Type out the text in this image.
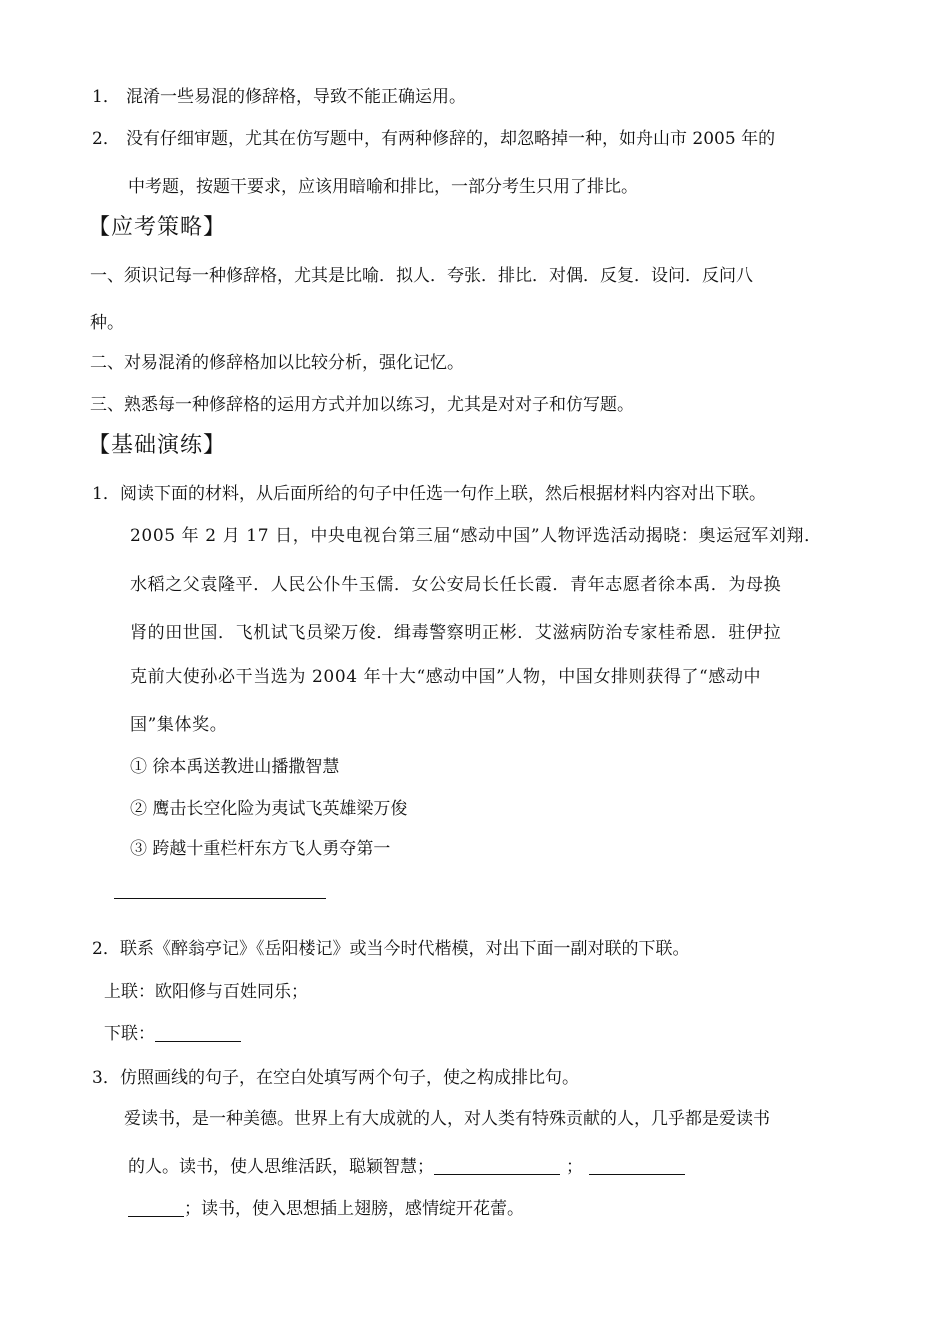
1． 混淆一些易混的修辞格，导致不能正确运用。
2． 没有仔细审题，尤其在仿写题中，有两种修辞的，却忽略掉一种，如舟山市 2005 年的
中考题，按题干要求，应该用暗喻和排比，一部分考生只用了排比。
【应考策略】
一、须识记每一种修辞格，尤其是比喻．拟人．夸张．排比．对偶．反复．设问．反问八
种。
二、对易混淆的修辞格加以比较分析，强化记忆。
三、熟悉每一种修辞格的运用方式并加以练习，尤其是对对子和仿写题。
【基础演练】
1．阅读下面的材料，从后面所给的句子中任选一句作上联，然后根据材料内容对出下联。
2005 年 2 月 17 日，中央电视台第三届“感动中国”人物评选活动揭晓：奥运冠军刘翔．
水稻之父袁隆平．人民公仆牛玉儒．女公安局长任长霞．青年志愿者徐本禹．为母换
肾的田世国．飞机试飞员梁万俊．缉毒警察明正彬．艾滋病防治专家桂希恩．驻伊拉
克前大使孙必干当选为 2004 年十大“感动中国”人物，中国女排则获得了“感动中
国”集体奖。
① 徐本禹送教进山播撒智慧
② 鹰击长空化险为夷试飞英雄梁万俊
③ 跨越十重栏杆东方飞人勇夺第一
2．联系《醉翁亭记》《岳阳楼记》或当今时代楷模，对出下面一副对联的下联。
上联：欧阳修与百姓同乐；
下联：
3．仿照画线的句子，在空白处填写两个句子，使之构成排比句。
爱读书，是一种美德。世界上有大成就的人，对人类有特殊贡献的人，几乎都是爱读书
的人。读书，使人思维活跃，聪颖智慧；	；
；读书，使入思想插上翅膀，感情绽开花蕾。
